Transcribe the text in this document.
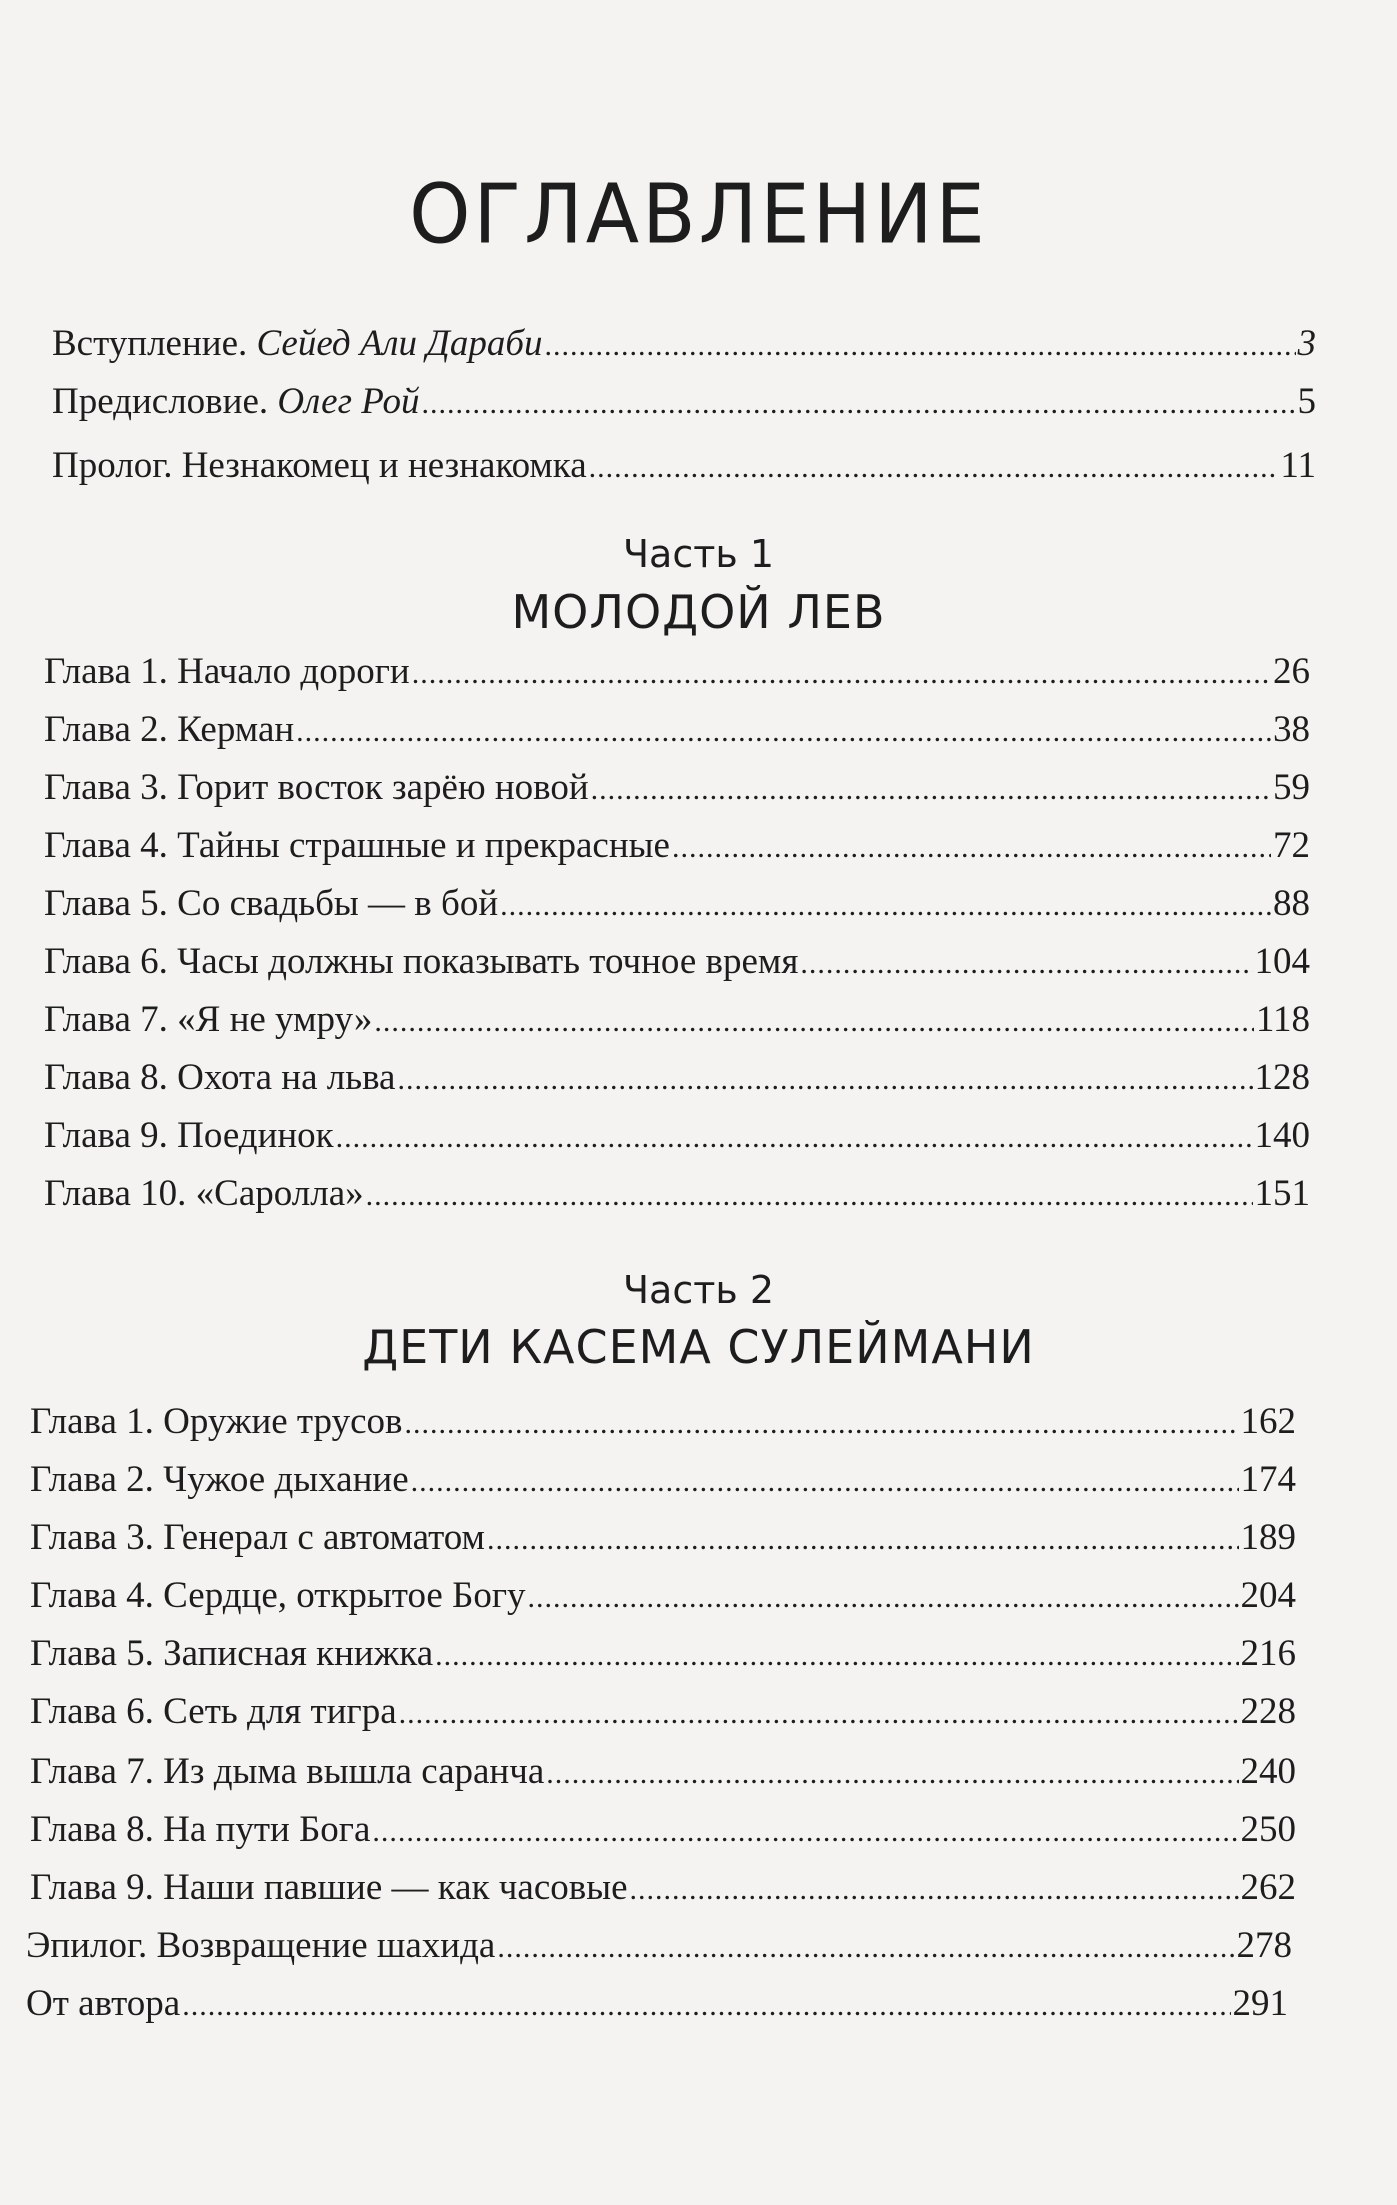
ОГЛАВЛЕНИЕ
Вступление. Сейед Али Дараби .....	3
Предисловие. Олег Рой .....	5
Пролог. Незнакомец и незнакомка .....	11
Часть 1
МОЛОДОЙ ЛЕВ
Глава 1. Начало дороги .....	26
Глава 2. Керман .....	38
Глава 3. Горит восток зарёю новой .....	59
Глава 4. Тайны страшные и прекрасные .....	72
Глава 5. Со свадьбы — в бой .....	88
Глава 6. Часы должны показывать точное время .....	104
Глава 7. «Я не умру» .....	118
Глава 8. Охота на льва .....	128
Глава 9. Поединок .....	140
Глава 10. «Саролла» .....	151
Часть 2
ДЕТИ КАСЕМА СУЛЕЙМАНИ
Глава 1. Оружие трусов .....	162
Глава 2. Чужое дыхание .....	174
Глава 3. Генерал с автоматом .....	189
Глава 4. Сердце, открытое Богу .....	204
Глава 5. Записная книжка .....	216
Глава 6. Сеть для тигра .....	228
Глава 7. Из дыма вышла саранча .....	240
Глава 8. На пути Бога .....	250
Глава 9. Наши павшие — как часовые .....	262
Эпилог. Возвращение шахида .....	278
От автора .....	291
